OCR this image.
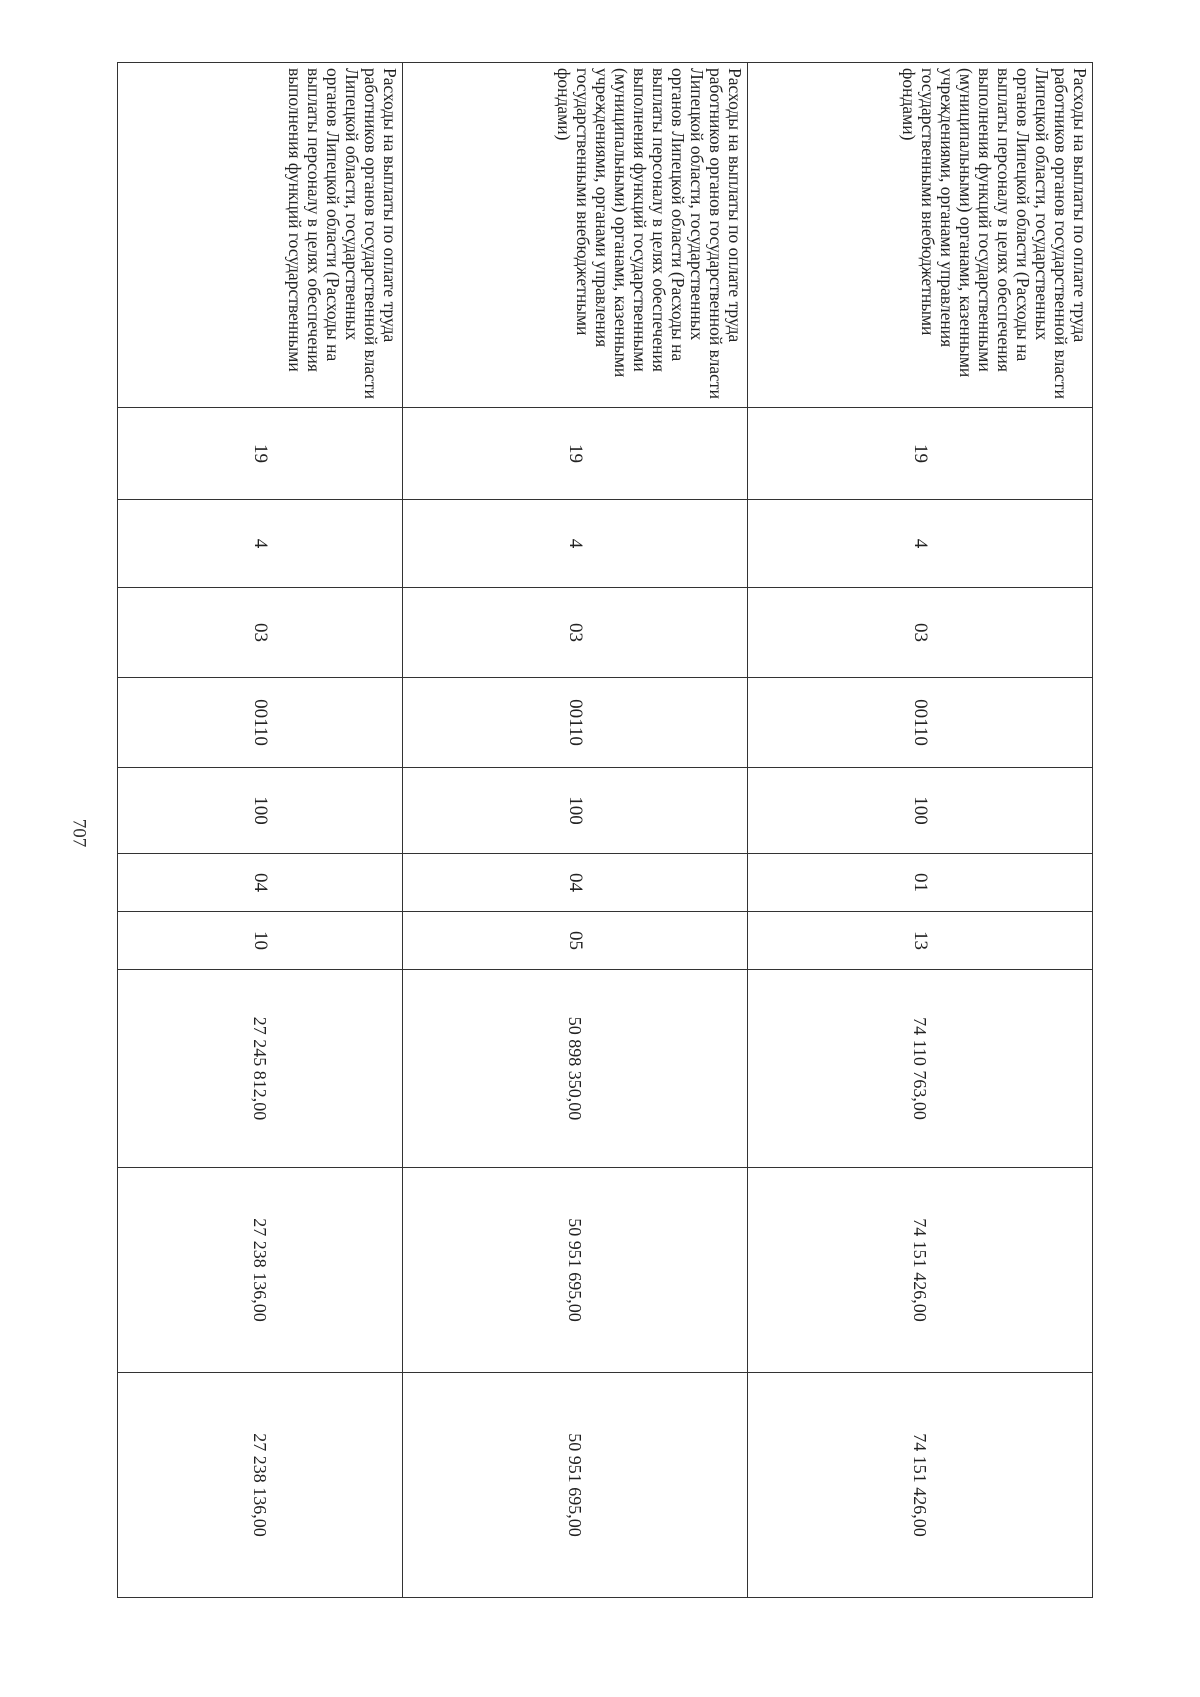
707
Расходы на выплаты по оплате труда работников органов государственной власти Липецкой области, государственных органов Липецкой области (Расходы на выплаты персоналу в целях обеспечения выполнения функций государственными (муниципальными) органами, казенными учреждениями, органами управления государственными внебюджетными фондами)	19	4	03	00110	100	01	13	74 110 763,00	74 151 426,00	74 151 426,00
Расходы на выплаты по оплате труда работников органов государственной власти Липецкой области, государственных органов Липецкой области (Расходы на выплаты персоналу в целях обеспечения выполнения функций государственными (муниципальными) органами, казенными учреждениями, органами управления государственными внебюджетными фондами)	19	4	03	00110	100	04	05	50 898 350,00	50 951 695,00	50 951 695,00
Расходы на выплаты по оплате труда работников органов государственной власти Липецкой области, государственных органов Липецкой области (Расходы на выплаты персоналу в целях обеспечения выполнения функций государственными	19	4	03	00110	100	04	10	27 245 812,00	27 238 136,00	27 238 136,00
